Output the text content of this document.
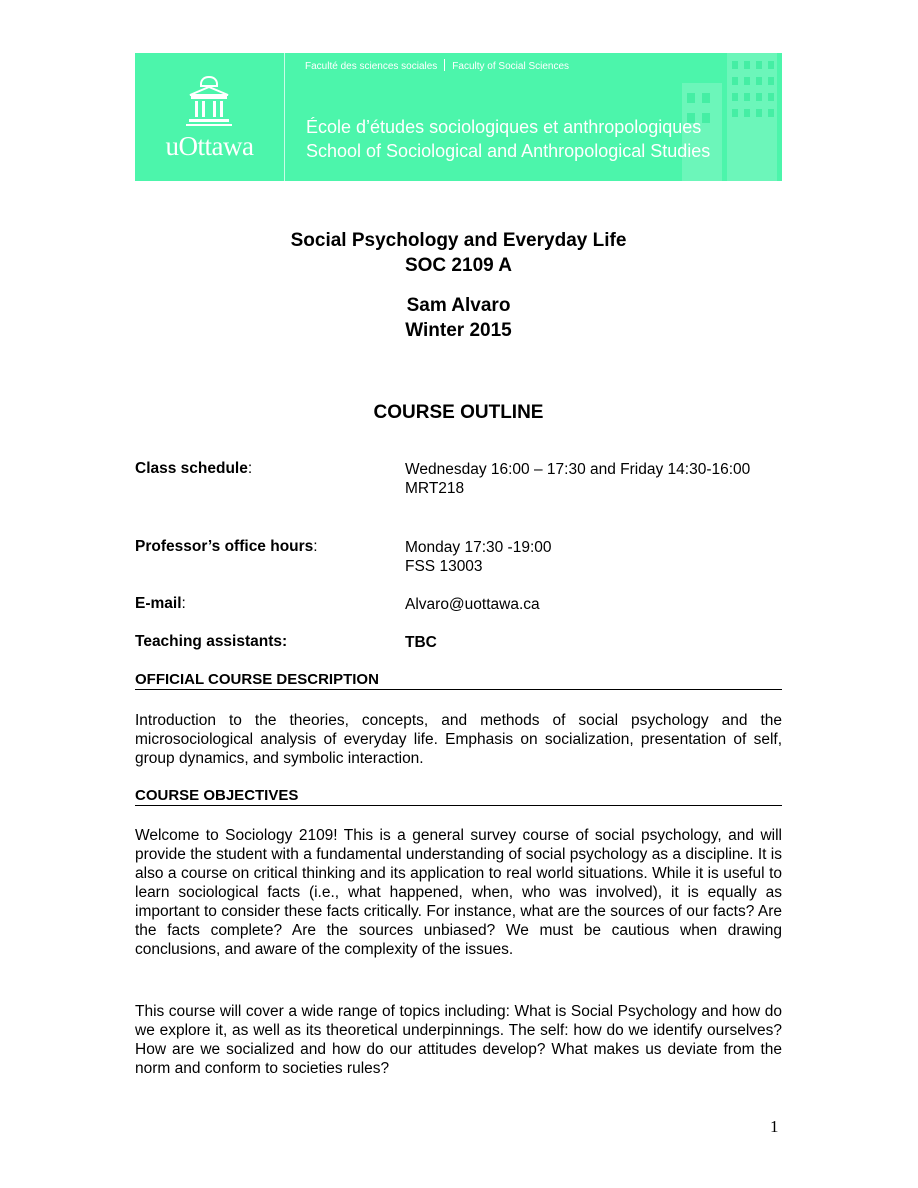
uOttawa
Faculté des sciences sociales Faculty of Social Sciences
École d’études sociologiques et anthropologiques
School of Sociological and Anthropological Studies
Social Psychology and Everyday Life
SOC 2109 A
Sam Alvaro
Winter 2015
COURSE OUTLINE
Class schedule:	Wednesday 16:00 – 17:30 and Friday 14:30-16:00
MRT218
Professor’s office hours:	Monday 17:30 -19:00
FSS 13003
E-mail:	Alvaro@uottawa.ca
Teaching assistants:	TBC
OFFICIAL COURSE DESCRIPTION

Introduction to the theories, concepts, and methods of social psychology and the microsociological analysis of everyday life. Emphasis on socialization, presentation of self, group dynamics, and symbolic interaction.

COURSE OBJECTIVES

Welcome to Sociology 2109! This is a general survey course of social psychology, and will provide the student with a fundamental understanding of social psychology as a discipline. It is also a course on critical thinking and its application to real world situations. While it is useful to learn sociological facts (i.e., what happened, when, who was involved), it is equally as important to consider these facts critically. For instance, what are the sources of our facts? Are the facts complete? Are the sources unbiased? We must be cautious when drawing conclusions, and aware of the complexity of the issues.

This course will cover a wide range of topics including: What is Social Psychology and how do we explore it, as well as its theoretical underpinnings. The self: how do we identify ourselves? How are we socialized and how do our attitudes develop? What makes us deviate from the norm and conform to societies rules?

1
